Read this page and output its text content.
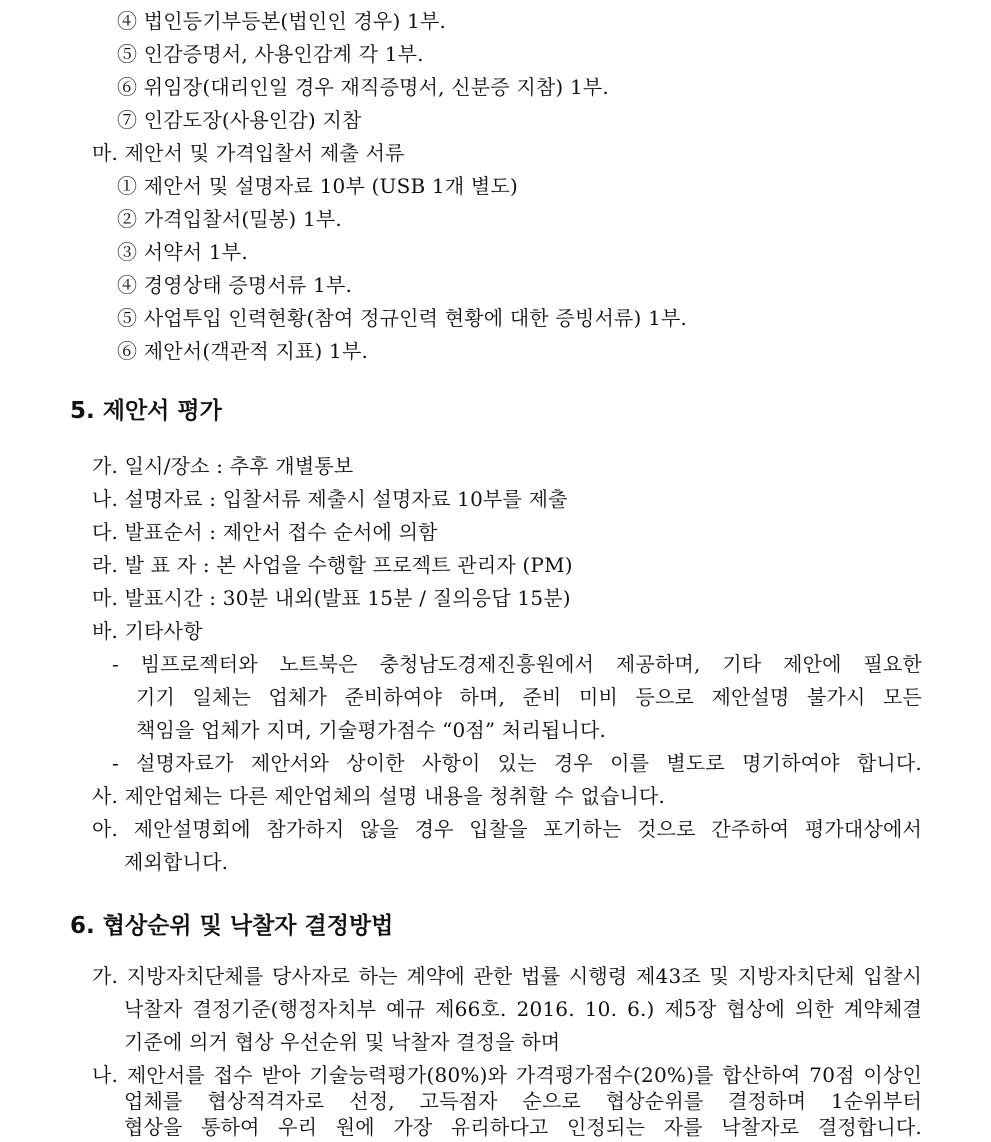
④ 법인등기부등본(법인인 경우) 1부.
⑤ 인감증명서, 사용인감계 각 1부.
⑥ 위임장(대리인일 경우 재직증명서, 신분증 지참) 1부.
⑦ 인감도장(사용인감) 지참
마. 제안서 및 가격입찰서 제출 서류
① 제안서 및 설명자료 10부 (USB 1개 별도)
② 가격입찰서(밀봉) 1부.
③ 서약서 1부.
④ 경영상태 증명서류 1부.
⑤ 사업투입 인력현황(참여 정규인력 현황에 대한 증빙서류) 1부.
⑥ 제안서(객관적 지표) 1부.
5. 제안서 평가
가. 일시/장소 : 추후 개별통보
나. 설명자료 : 입찰서류 제출시 설명자료 10부를 제출
다. 발표순서 : 제안서 접수 순서에 의함
라. 발 표 자 : 본 사업을 수행할 프로젝트 관리자 (PM)
마. 발표시간 : 30분 내외(발표 15분 / 질의응답 15분)
바. 기타사항
- 빔프로젝터와 노트북은 충청남도경제진흥원에서 제공하며, 기타 제안에 필요한
기기 일체는 업체가 준비하여야 하며, 준비 미비 등으로 제안설명 불가시 모든
책임을 업체가 지며, 기술평가점수 “0점” 처리됩니다.
- 설명자료가 제안서와 상이한 사항이 있는 경우 이를 별도로 명기하여야 합니다.
사. 제안업체는 다른 제안업체의 설명 내용을 청취할 수 없습니다.
아. 제안설명회에 참가하지 않을 경우 입찰을 포기하는 것으로 간주하여 평가대상에서
제외합니다.
6. 협상순위 및 낙찰자 결정방법
가. 지방자치단체를 당사자로 하는 계약에 관한 법률 시행령 제43조 및 지방자치단체 입찰시
낙찰자 결정기준(행정자치부 예규 제66호. 2016. 10. 6.) 제5장 협상에 의한 계약체결
기준에 의거 협상 우선순위 및 낙찰자 결정을 하며
나. 제안서를 접수 받아 기술능력평가(80%)와 가격평가점수(20%)를 합산하여 70점 이상인
업체를 협상적격자로 선정, 고득점자 순으로 협상순위를 결정하며 1순위부터
협상을 통하여 우리 원에 가장 유리하다고 인정되는 자를 낙찰자로 결정합니다.
